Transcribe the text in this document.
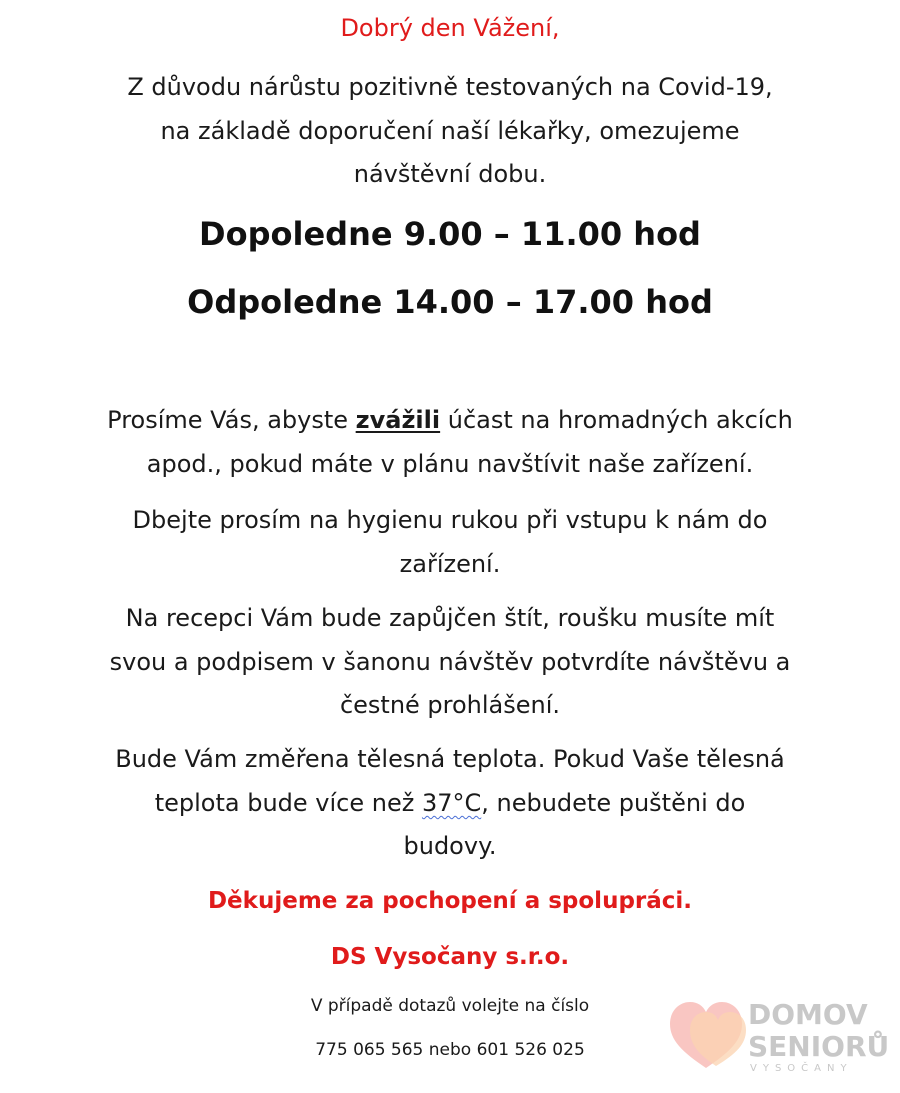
Dobrý den Vážení,
Z důvodu nárůstu pozitivně testovaných na Covid-19,
na základě doporučení naší lékařky, omezujeme
návštěvní dobu.
Dopoledne 9.00 – 11.00 hod
Odpoledne 14.00 – 17.00 hod
Prosíme Vás, abyste zvážili účast na hromadných akcích
apod., pokud máte v plánu navštívit naše zařízení.
Dbejte prosím na hygienu rukou při vstupu k nám do
zařízení.
Na recepci Vám bude zapůjčen štít, roušku musíte mít
svou a podpisem v šanonu návštěv potvrdíte návštěvu a
čestné prohlášení.
Bude Vám změřena tělesná teplota. Pokud Vaše tělesná
teplota bude více než 37°C, nebudete puštěni do
budovy.
Děkujeme za pochopení a spolupráci.
DS Vysočany s.r.o.
V případě dotazů volejte na číslo
775 065 565 nebo 601 526 025
DOMOV
SENIORŮ
VYSOČANY
